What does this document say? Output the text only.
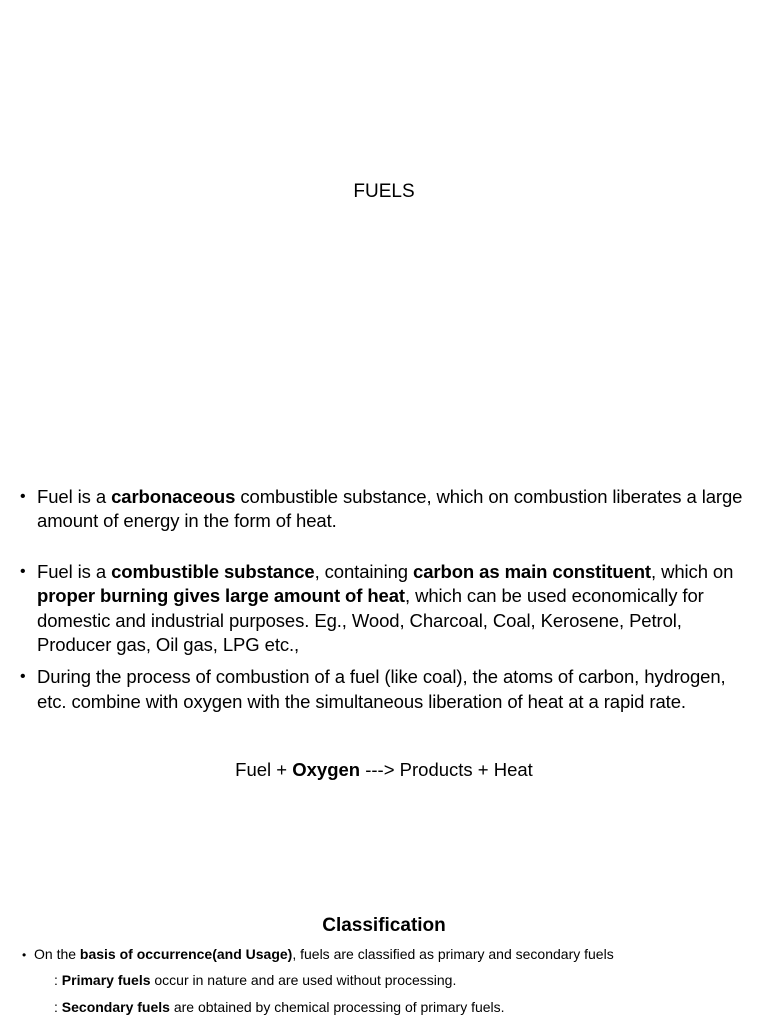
FUELS
• Fuel is a carbonaceous combustible substance, which on combustion liberates a large amount of energy in the form of heat.
• Fuel is a combustible substance, containing carbon as main constituent, which on proper burning gives large amount of heat, which can be used economically for domestic and industrial purposes. Eg., Wood, Charcoal, Coal, Kerosene, Petrol, Producer gas, Oil gas, LPG etc.,
• During the process of combustion of a fuel (like coal), the atoms of carbon, hydrogen, etc. combine with oxygen with the simultaneous liberation of heat at a rapid rate.
Fuel + Oxygen ---> Products + Heat
Classification
• On the basis of occurrence(and Usage), fuels are classified as primary and secondary fuels
: Primary fuels occur in nature and are used without processing.
: Secondary fuels are obtained by chemical processing of primary fuels.
